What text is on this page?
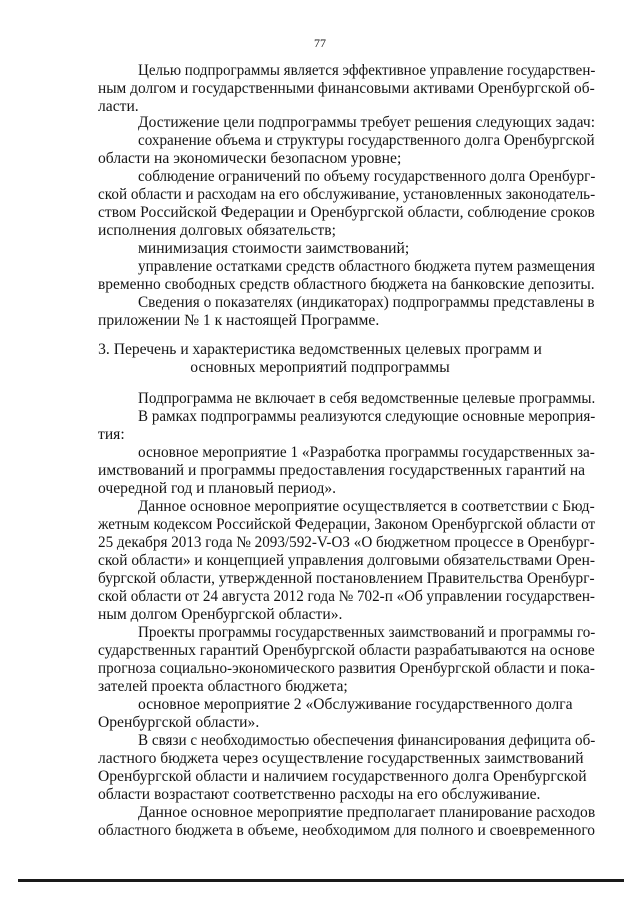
77
Целью подпрограммы является эффективное управление государствен-
ным долгом и государственными финансовыми активами Оренбургской об-
ласти.
Достижение цели подпрограммы требует решения следующих задач:
сохранение объема и структуры государственного долга Оренбургской
области на экономически безопасном уровне;
соблюдение ограничений по объему государственного долга Оренбург-
ской области и расходам на его обслуживание, установленных законодатель-
ством Российской Федерации и Оренбургской области, соблюдение сроков
исполнения долговых обязательств;
минимизация стоимости заимствований;
управление остатками средств областного бюджета путем размещения
временно свободных средств областного бюджета на банковские депозиты.
Сведения о показателях (индикаторах) подпрограммы представлены в
приложении № 1 к настоящей Программе.
3. Перечень и характеристика ведомственных целевых программ и
основных мероприятий подпрограммы
Подпрограмма не включает в себя ведомственные целевые программы.
В рамках подпрограммы реализуются следующие основные мероприя-
тия:
основное мероприятие 1 «Разработка программы государственных за-
имствований и программы предоставления государственных гарантий на
очередной год и плановый период».
Данное основное мероприятие осуществляется в соответствии с Бюд-
жетным кодексом Российской Федерации, Законом Оренбургской области от
25 декабря 2013 года № 2093/592-V-ОЗ «О бюджетном процессе в Оренбург-
ской области» и концепцией управления долговыми обязательствами Орен-
бургской области, утвержденной постановлением Правительства Оренбург-
ской области от 24 августа 2012 года № 702-п «Об управлении государствен-
ным долгом Оренбургской области».
Проекты программы государственных заимствований и программы го-
сударственных гарантий Оренбургской области разрабатываются на основе
прогноза социально-экономического развития Оренбургской области и пока-
зателей проекта областного бюджета;
основное мероприятие 2 «Обслуживание государственного долга
Оренбургской области».
В связи с необходимостью обеспечения финансирования дефицита об-
ластного бюджета через осуществление государственных заимствований
Оренбургской области и наличием государственного долга Оренбургской
области возрастают соответственно расходы на его обслуживание.
Данное основное мероприятие предполагает планирование расходов
областного бюджета в объеме, необходимом для полного и своевременного
